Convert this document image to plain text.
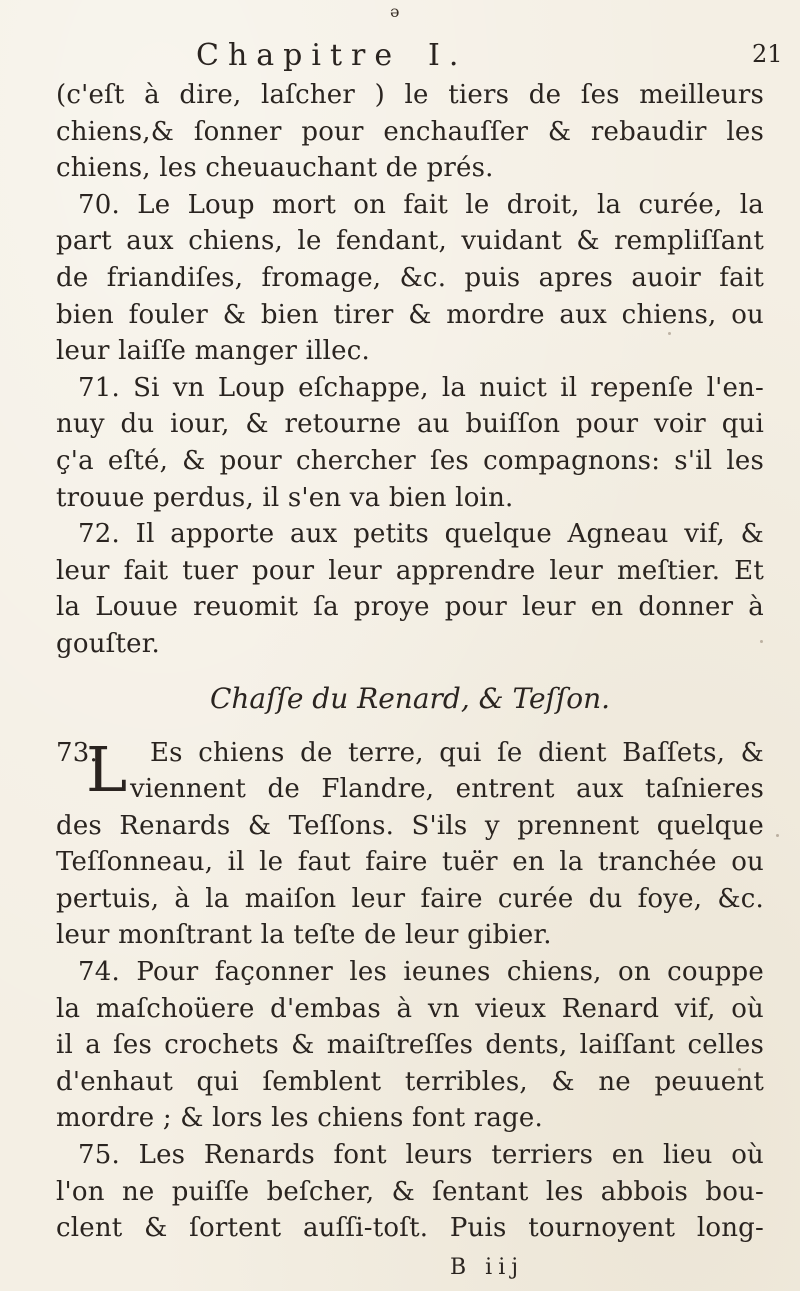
ə
Chapitre I.	21
(c'eſt à dire, laſcher ) le tiers de ſes meilleurs
chiens,& ſonner pour enchauſſer & rebaudir les
chiens, les cheuauchant de prés.
70. Le Loup mort on fait le droit, la curée, la
part aux chiens, le fendant, vuidant & rempliſſant
de friandiſes, fromage, &c. puis apres auoir fait
bien fouler & bien tirer & mordre aux chiens, ou
leur laiſſe manger illec.
71. Si vn Loup eſchappe, la nuict il repenſe l'en-
nuy du iour, & retourne au buiſſon pour voir qui
ç'a eſté, & pour chercher ſes compagnons: s'il les
trouue perdus, il s'en va bien loin.
72. Il apporte aux petits quelque Agneau vif, &
leur fait tuer pour leur apprendre leur meſtier. Et
la Louue reuomit ſa proye pour leur en donner à
gouſter.
Chaſſe du Renard, & Teſſon.
L
73. Es chiens de terre, qui ſe dient Baſſets, &
viennent de Flandre, entrent aux taſnieres
des Renards & Teſſons. S'ils y prennent quelque
Teſſonneau, il le faut faire tuër en la tranchée ou
pertuis, à la maiſon leur faire curée du foye, &c.
leur monſtrant la teſte de leur gibier.
74. Pour façonner les ieunes chiens, on couppe
la maſchoüere d'embas à vn vieux Renard vif, où
il a ſes crochets & maiſtreſſes dents, laiſſant celles
d'enhaut qui ſemblent terribles, & ne peuuent
mordre ; & lors les chiens font rage.
75. Les Renards font leurs terriers en lieu où
l'on ne puiſſe beſcher, & ſentant les abbois bou-
clent & ſortent auſſi-toſt. Puis tournoyent long-
B iij
